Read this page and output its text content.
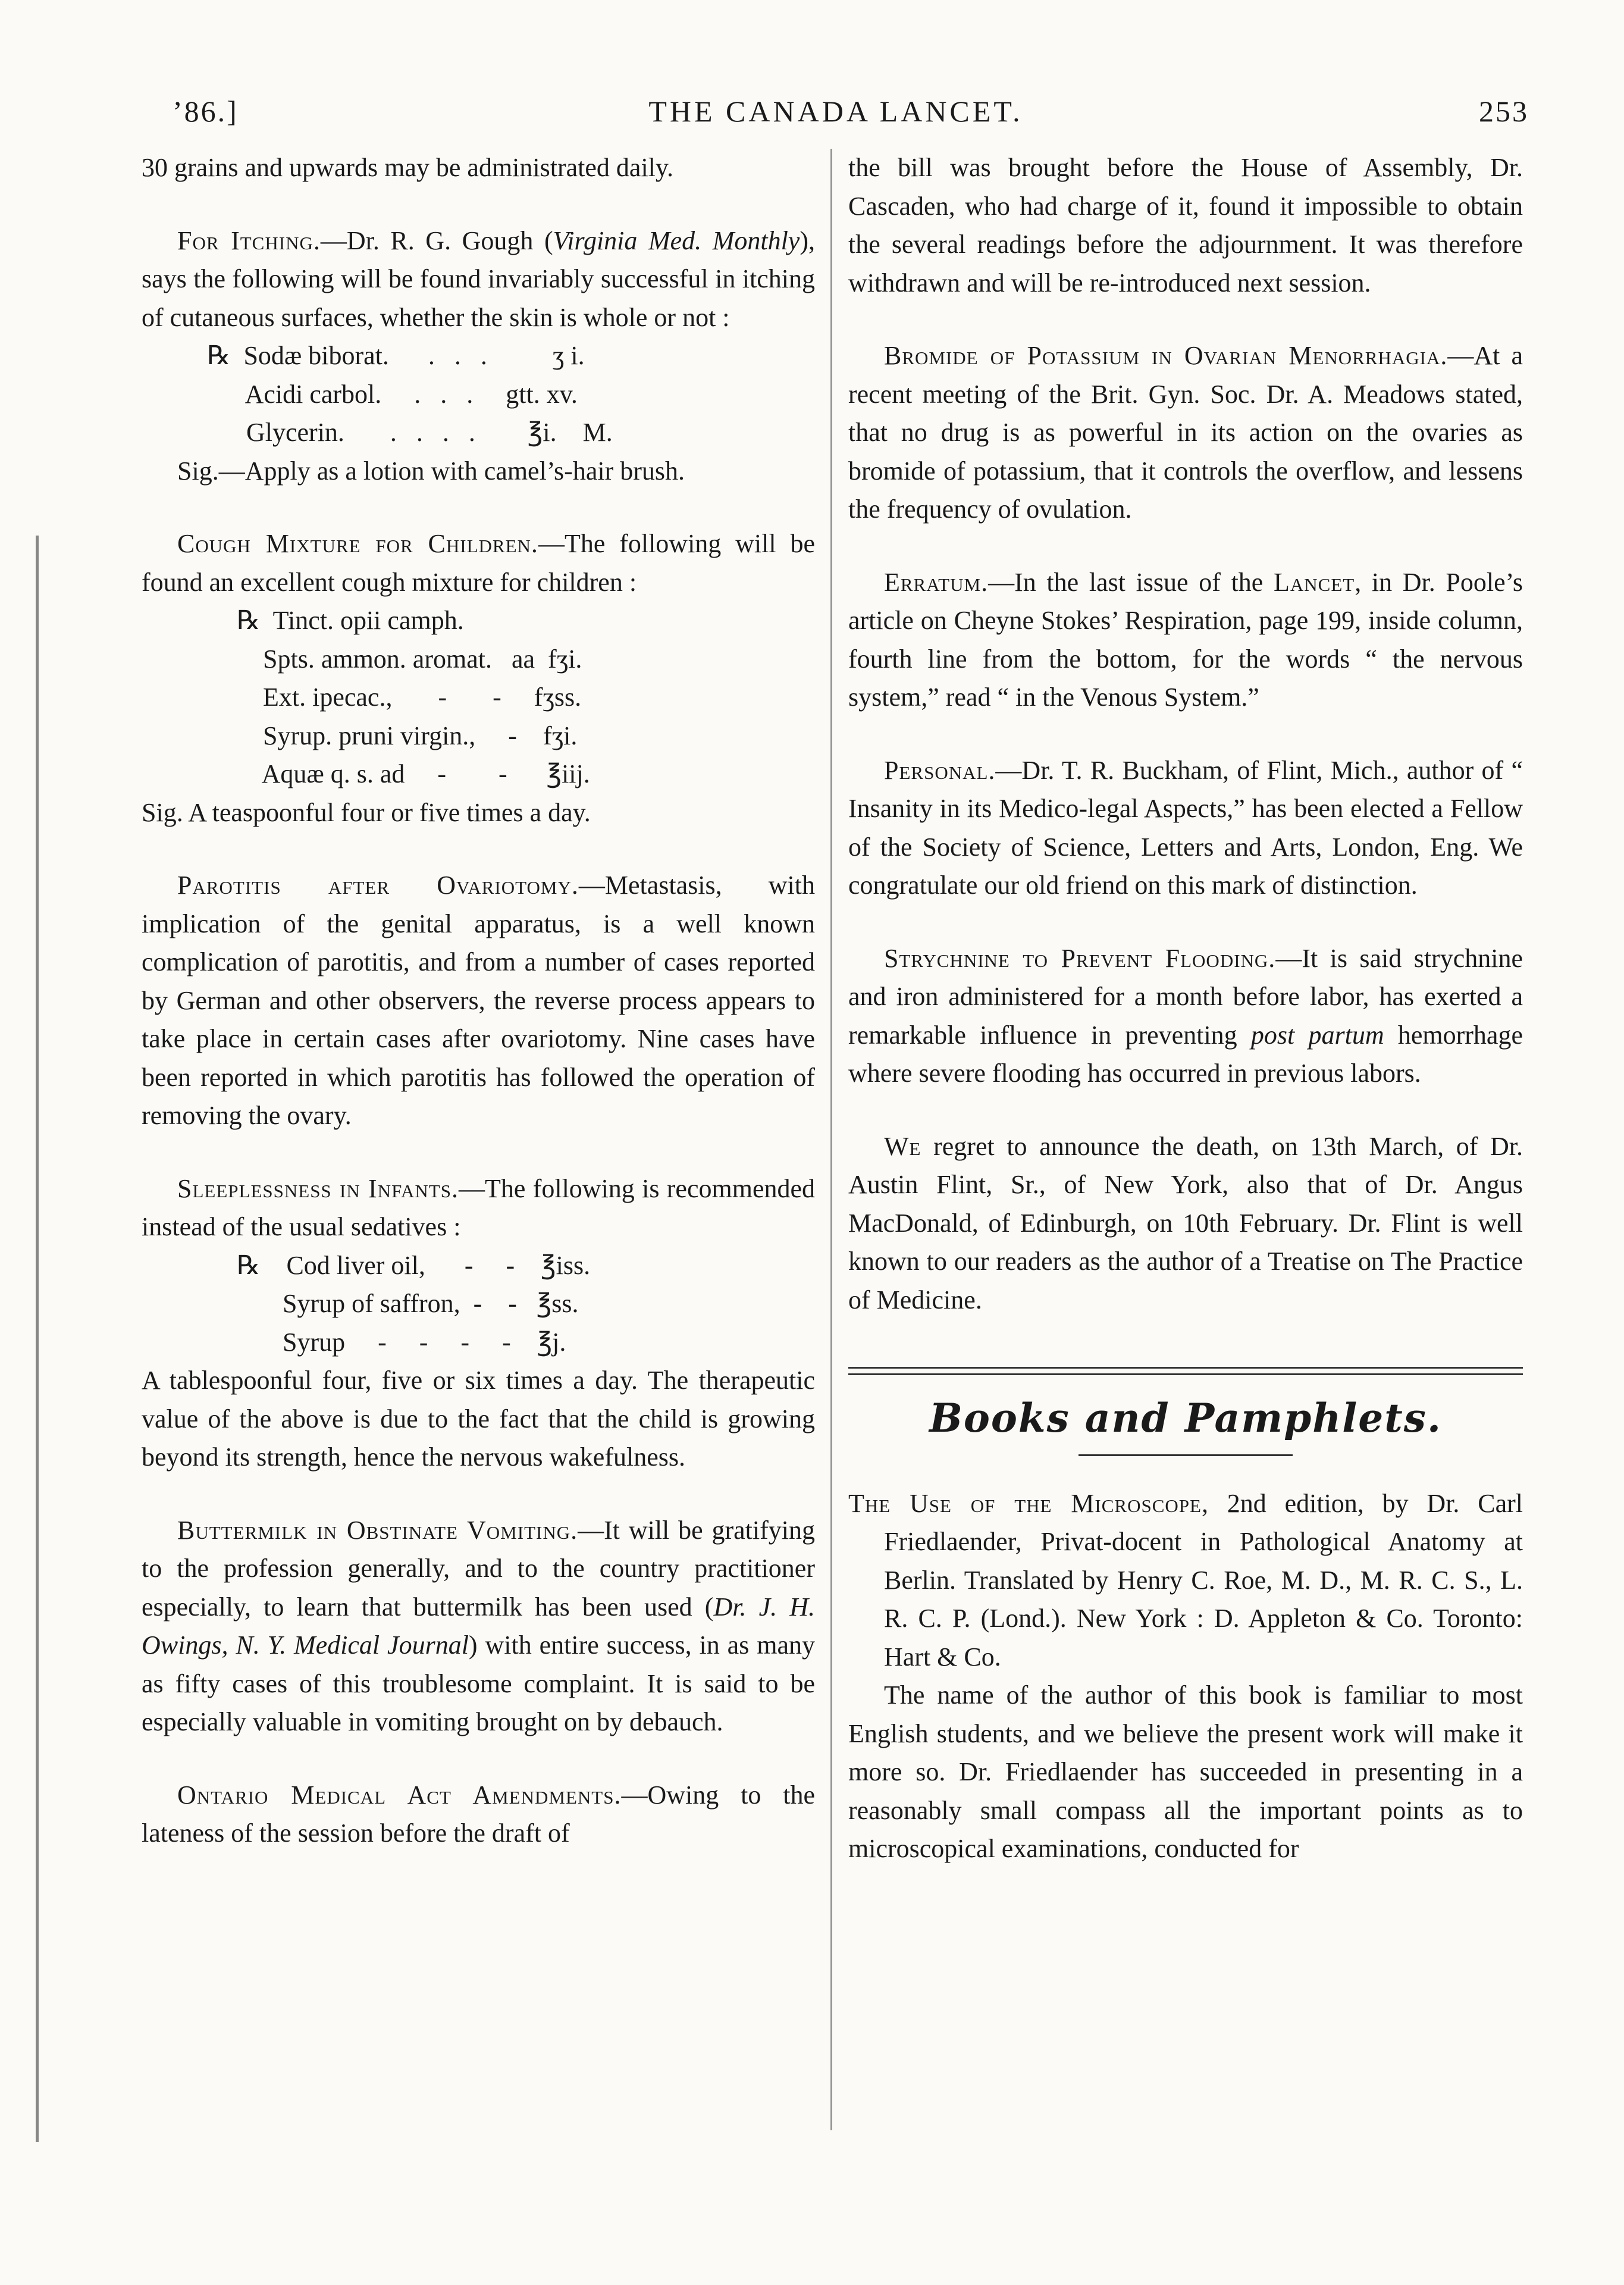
’86.]	THE CANADA LANCET.	253

30 grains and upwards may be administrated daily.

For Itching.—Dr. R. G. Gough (Virginia Med. Monthly), says the following will be found invariably successful in itching of cutaneous surfaces, whether the skin is whole or not :

℞  Sodæ biborat.      .   .   .          ʒ i.
Acidi carbol.     .   .   .     gtt. xv.
Glycerin.       .   .   .   .        ℥i.    M.

Sig.—Apply as a lotion with camel’s-hair brush.

Cough Mixture for Children.—The following will be found an excellent cough mixture for children :

℞  Tinct. opii camph.
Spts. ammon. aromat.   aa  fʒi.
Ext. ipecac.,       -       -     fʒss.
Syrup. pruni virgin.,     -    fʒi.
Aquæ q. s. ad     -        -      ℥iij.

Sig. A teaspoonful four or five times a day.

Parotitis after Ovariotomy.—Metastasis, with implication of the genital apparatus, is a well known complication of parotitis, and from a number of cases reported by German and other observers, the reverse process appears to take place in certain cases after ovariotomy. Nine cases have been reported in which parotitis has followed the operation of removing the ovary.

Sleeplessness in Infants.—The following is recommended instead of the usual sedatives :

℞    Cod liver oil,      -     -    ℥iss.
Syrup of saffron,  -    -   ℥ss.
Syrup     -     -     -     -    ℥j.

A tablespoonful four, five or six times a day. The therapeutic value of the above is due to the fact that the child is growing beyond its strength, hence the nervous wakefulness.

Buttermilk in Obstinate Vomiting.—It will be gratifying to the profession generally, and to the country practitioner especially, to learn that buttermilk has been used (Dr. J. H. Owings, N. Y. Medical Journal) with entire success, in as many as fifty cases of this troublesome complaint. It is said to be especially valuable in vomiting brought on by debauch.

Ontario Medical Act Amendments.—Owing to the lateness of the session before the draft of

the bill was brought before the House of Assembly, Dr. Cascaden, who had charge of it, found it impossible to obtain the several readings before the adjournment. It was therefore withdrawn and will be re-introduced next session.

Bromide of Potassium in Ovarian Menorrhagia.—At a recent meeting of the Brit. Gyn. Soc. Dr. A. Meadows stated, that no drug is as powerful in its action on the ovaries as bromide of potassium, that it controls the overflow, and lessens the frequency of ovulation.

Erratum.—In the last issue of the Lancet, in Dr. Poole’s article on Cheyne Stokes’ Respiration, page 199, inside column, fourth line from the bottom, for the words “ the nervous system,” read “ in the Venous System.”

Personal.—Dr. T. R. Buckham, of Flint, Mich., author of “ Insanity in its Medico-legal Aspects,” has been elected a Fellow of the Society of Science, Letters and Arts, London, Eng. We congratulate our old friend on this mark of distinction.

Strychnine to Prevent Flooding.—It is said strychnine and iron administered for a month before labor, has exerted a remarkable influence in preventing post partum hemorrhage where severe flooding has occurred in previous labors.

We regret to announce the death, on 13th March, of Dr. Austin Flint, Sr., of New York, also that of Dr. Angus MacDonald, of Edinburgh, on 10th February. Dr. Flint is well known to our readers as the author of a Treatise on The Practice of Medicine.

Books and Pamphlets.

The Use of the Microscope, 2nd edition, by Dr. Carl Friedlaender, Privat-docent in Pathological Anatomy at Berlin. Translated by Henry C. Roe, M. D., M. R. C. S., L. R. C. P. (Lond.). New York : D. Appleton & Co. Toronto: Hart & Co.

The name of the author of this book is familiar to most English students, and we believe the present work will make it more so. Dr. Friedlaender has succeeded in presenting in a reasonably small compass all the important points as to microscopical examinations, conducted for
